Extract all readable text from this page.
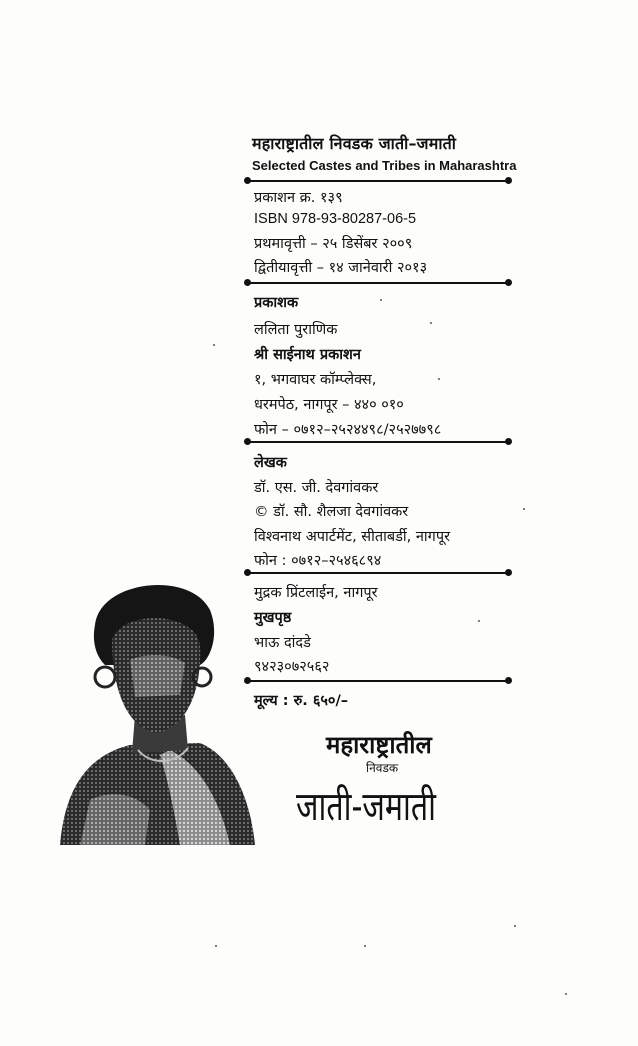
महाराष्ट्रातील निवडक जाती–जमाती
Selected Castes and Tribes in Maharashtra
प्रकाशन क्र. १३९
ISBN 978-93-80287-06-5
प्रथमावृत्ती – २५ डिसेंबर २००९
द्वितीयावृत्ती – १४ जानेवारी २०१३
प्रकाशक
ललिता पुराणिक
श्री साईनाथ प्रकाशन
१, भगवाघर कॉम्प्लेक्स,
धरमपेठ, नागपूर – ४४० ०१०
फोन – ०७१२–२५२४४९८/२५२७७९८
लेखक
डॉ. एस. जी. देवगांवकर
© डॉ. सौ. शैलजा देवगांवकर
विश्वनाथ अपार्टमेंट, सीताबर्डी, नागपूर
फोन : ०७१२–२५४६८९४
मुद्रक प्रिंटलाईन, नागपूर
मुखपृष्ठ
भाऊ दांदडे
९४२३०७२५६२
मूल्य : रु. ६५०/–
महाराष्ट्रातील
निवडक
जाती-जमाती
